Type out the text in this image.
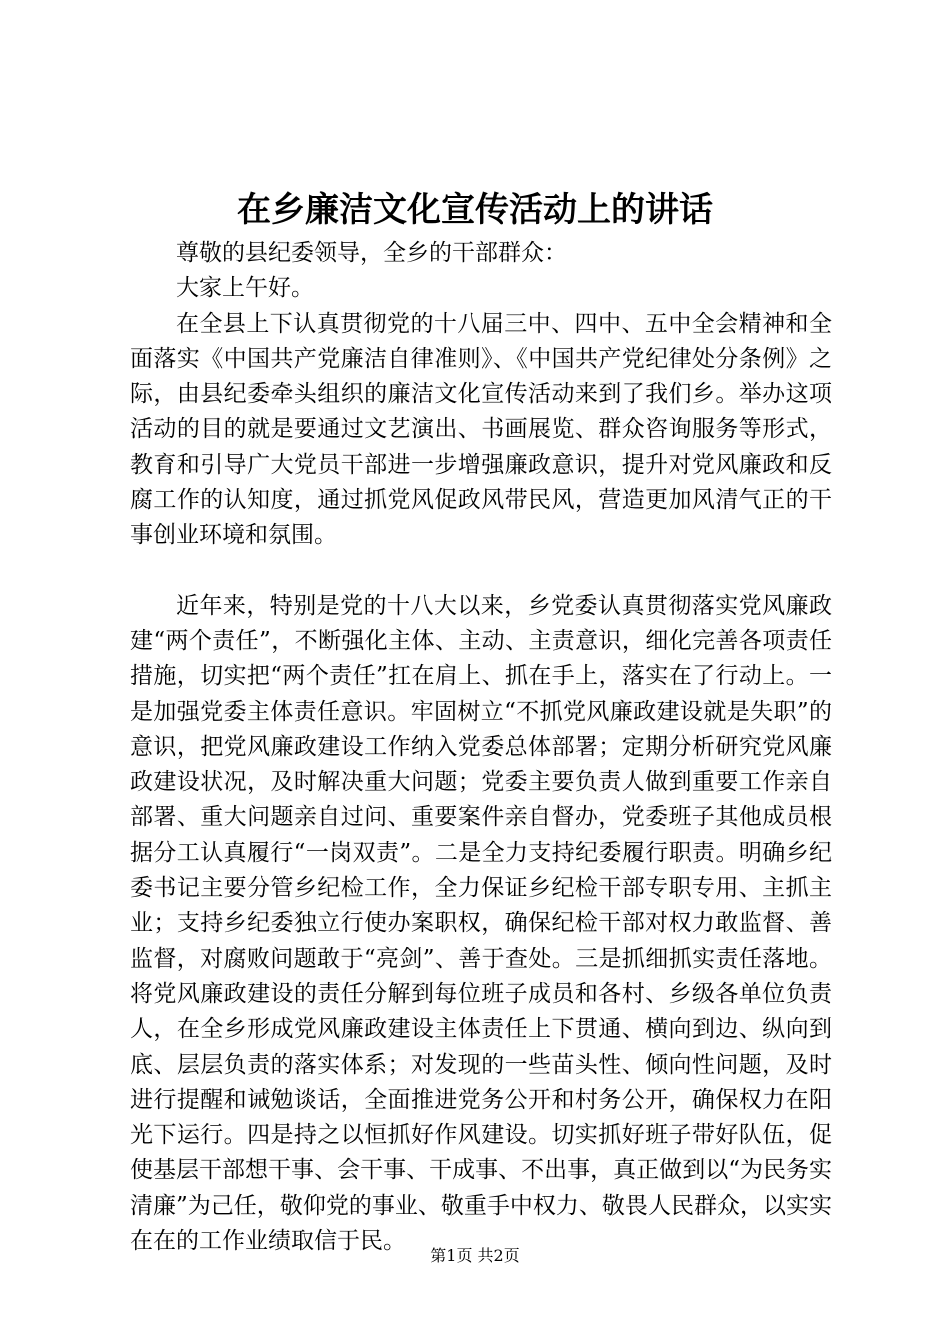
在乡廉洁文化宣传活动上的讲话

尊敬的县纪委领导，全乡的干部群众：

大家上午好。

在全县上下认真贯彻党的十八届三中、四中、五中全会精神和全面落实《中国共产党廉洁自律准则》、《中国共产党纪律处分条例》之际，由县纪委牵头组织的廉洁文化宣传活动来到了我们乡。举办这项活动的目的就是要通过文艺演出、书画展览、群众咨询服务等形式，教育和引导广大党员干部进一步增强廉政意识，提升对党风廉政和反腐工作的认知度，通过抓党风促政风带民风，营造更加风清气正的干事创业环境和氛围。

近年来，特别是党的十八大以来，乡党委认真贯彻落实党风廉政建“两个责任”，不断强化主体、主动、主责意识，细化完善各项责任措施，切实把“两个责任”扛在肩上、抓在手上，落实在了行动上。一是加强党委主体责任意识。牢固树立“不抓党风廉政建设就是失职”的意识，把党风廉政建设工作纳入党委总体部署；定期分析研究党风廉政建设状况，及时解决重大问题；党委主要负责人做到重要工作亲自部署、重大问题亲自过问、重要案件亲自督办，党委班子其他成员根据分工认真履行“一岗双责”。二是全力支持纪委履行职责。明确乡纪委书记主要分管乡纪检工作，全力保证乡纪检干部专职专用、主抓主业；支持乡纪委独立行使办案职权，确保纪检干部对权力敢监督、善监督，对腐败问题敢于“亮剑”、善于查处。三是抓细抓实责任落地。将党风廉政建设的责任分解到每位班子成员和各村、乡级各单位负责人，在全乡形成党风廉政建设主体责任上下贯通、横向到边、纵向到底、层层负责的落实体系；对发现的一些苗头性、倾向性问题，及时进行提醒和诫勉谈话，全面推进党务公开和村务公开，确保权力在阳光下运行。四是持之以恒抓好作风建设。切实抓好班子带好队伍，促使基层干部想干事、会干事、干成事、不出事，真正做到以“为民务实清廉”为己任，敬仰党的事业、敬重手中权力、敬畏人民群众，以实实在在的工作业绩取信于民。

第1页 共2页
